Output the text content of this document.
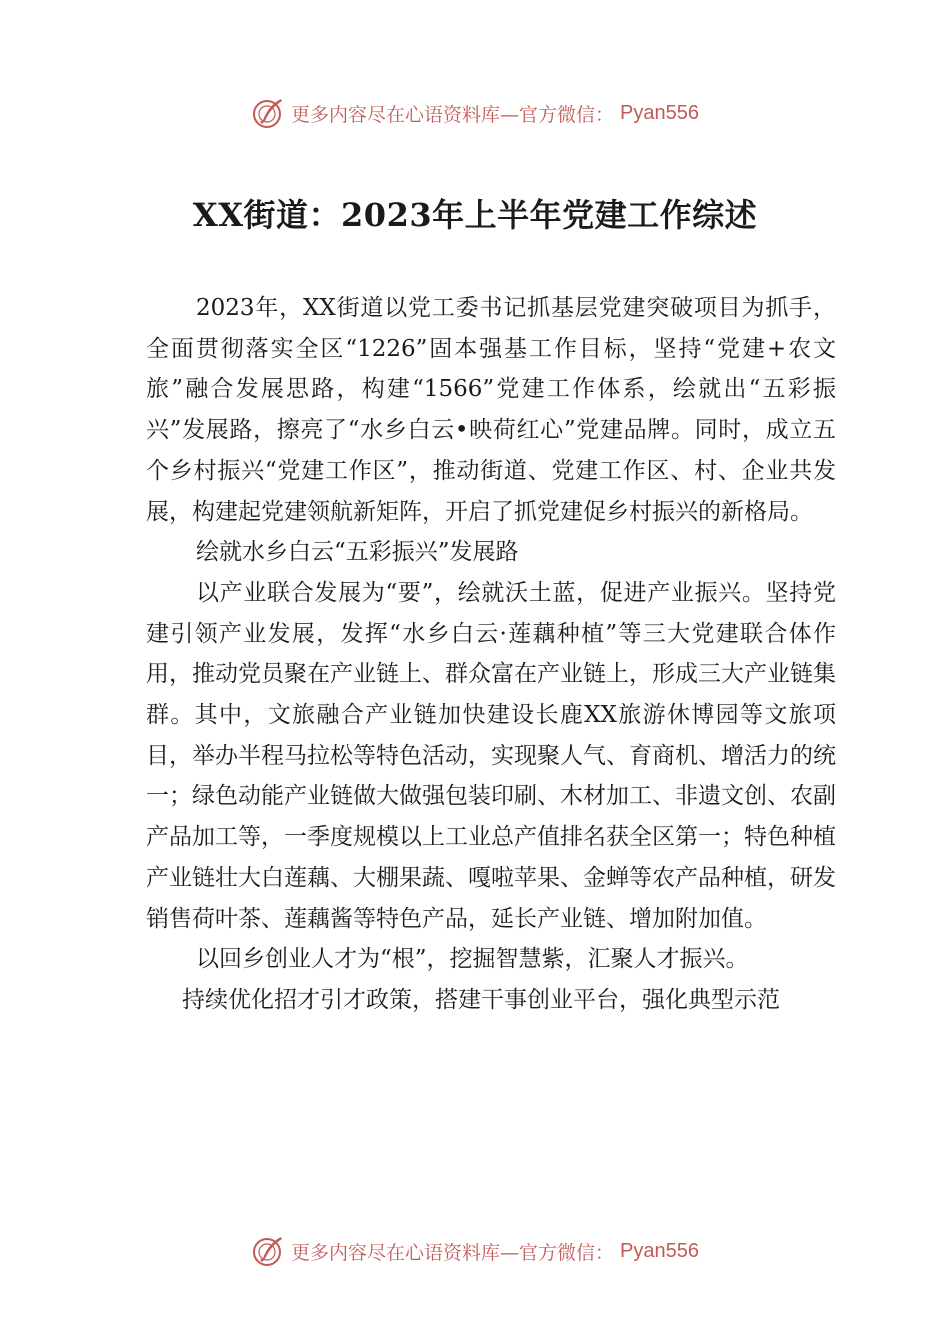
更多内容尽在心语资料库—官方微信： Pyan556
XX街道：2023年上半年党建工作综述

2023年，XX街道以党工委书记抓基层党建突破项目为抓手，全面贯彻落实全区“1226”固本强基工作目标，坚持“党建+农文旅”融合发展思路，构建“1566”党建工作体系，绘就出“五彩振兴”发展路，擦亮了“水乡白云•映荷红心”党建品牌。同时，成立五个乡村振兴“党建工作区”，推动街道、党建工作区、村、企业共发展，构建起党建领航新矩阵，开启了抓党建促乡村振兴的新格局。

绘就水乡白云“五彩振兴”发展路

以产业联合发展为“要”，绘就沃土蓝，促进产业振兴。坚持党建引领产业发展，发挥“水乡白云·莲藕种植”等三大党建联合体作用，推动党员聚在产业链上、群众富在产业链上，形成三大产业链集群。其中，文旅融合产业链加快建设长鹿XX旅游休博园等文旅项目，举办半程马拉松等特色活动，实现聚人气、育商机、增活力的统一；绿色动能产业链做大做强包装印刷、木材加工、非遗文创、农副产品加工等，一季度规模以上工业总产值排名获全区第一；特色种植产业链壮大白莲藕、大棚果蔬、嘎啦苹果、金蝉等农产品种植，研发销售荷叶茶、莲藕酱等特色产品，延长产业链、增加附加值。

以回乡创业人才为“根”，挖掘智慧紫，汇聚人才振兴。

持续优化招才引才政策，搭建干事创业平台，强化典型示范

更多内容尽在心语资料库—官方微信： Pyan556
